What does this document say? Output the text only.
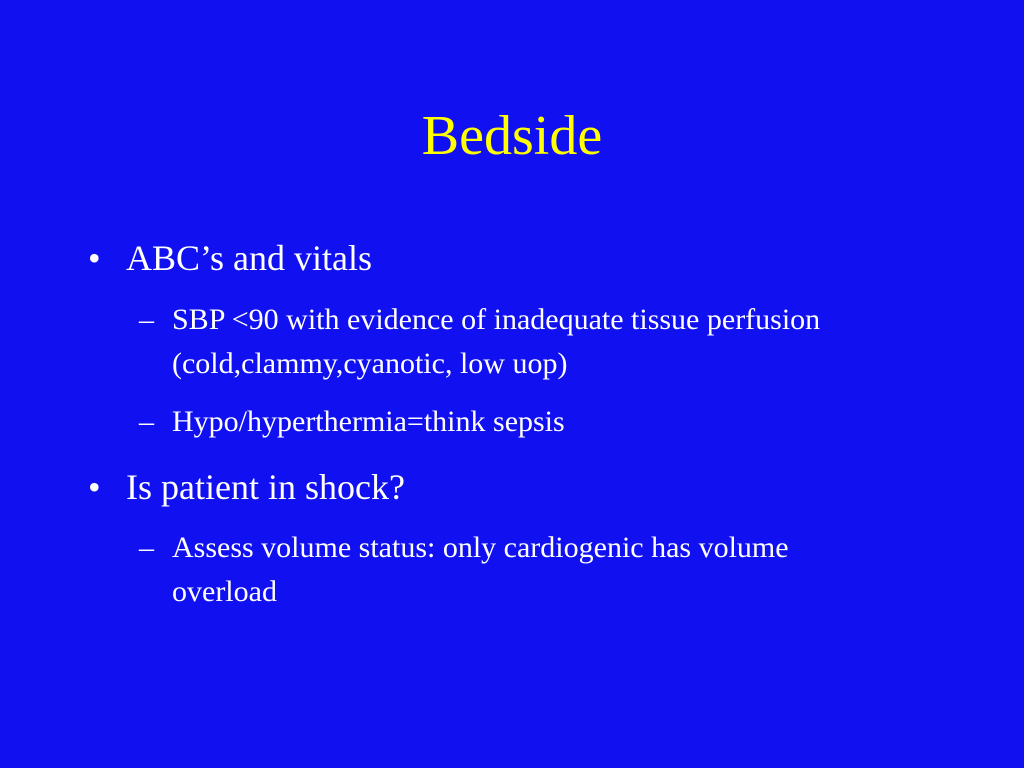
Bedside
• ABC’s and vitals
– SBP <90 with evidence of inadequate tissue perfusion (cold,clammy,cyanotic, low uop)
– Hypo/hyperthermia=think sepsis
• Is patient in shock?
– Assess volume status: only cardiogenic has volume overload
